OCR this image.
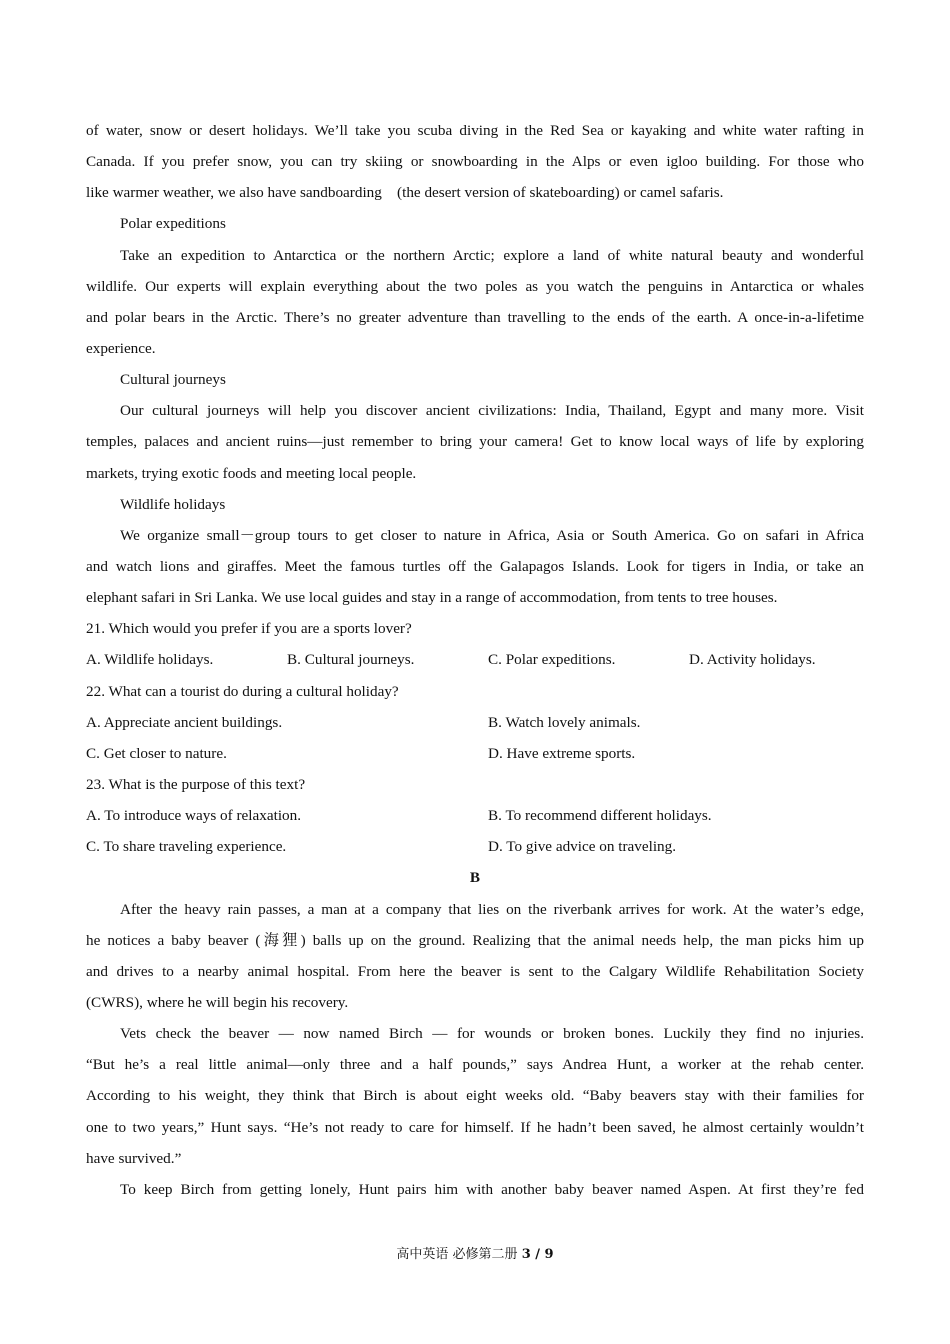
of water, snow or desert holidays. We’ll take you scuba diving in the Red Sea or kayaking and white water rafting in
Canada. If you prefer snow, you can try skiing or snowboarding in the Alps or even igloo building. For those who
like warmer weather, we also have sandboarding　(the desert version of skateboarding) or camel safaris.
Polar expeditions
Take an expedition to Antarctica or the northern Arctic; explore a land of white natural beauty and wonderful
wildlife. Our experts will explain everything about the two poles as you watch the penguins in Antarctica or whales
and polar bears in the Arctic. There’s no greater adventure than travelling to the ends of the earth. A once-in-a-lifetime
experience.
Cultural journeys
Our cultural journeys will help you discover ancient civilizations: India, Thailand, Egypt and many more. Visit
temples, palaces and ancient ruins—just remember to bring your camera! Get to know local ways of life by exploring
markets, trying exotic foods and meeting local people.
Wildlife holidays
We organize small－group tours to get closer to nature in Africa, Asia or South America. Go on safari in Africa
and watch lions and giraffes. Meet the famous turtles off the Galapagos Islands. Look for tigers in India, or take an
elephant safari in Sri Lanka. We use local guides and stay in a range of accommodation, from tents to tree houses.
21. Which would you prefer if you are a sports lover?
A. Wildlife holidays.	B. Cultural journeys.	C. Polar expeditions.	D. Activity holidays.
22. What can a tourist do during a cultural holiday?
A. Appreciate ancient buildings.	B. Watch lovely animals.
C. Get closer to nature.	D. Have extreme sports.
23. What is the purpose of this text?
A. To introduce ways of relaxation.	B. To recommend different holidays.
C. To share traveling experience.	D. To give advice on traveling.
B
After the heavy rain passes, a man at a company that lies on the riverbank arrives for work. At the water’s edge,
he notices a baby beaver (海狸) balls up on the ground. Realizing that the animal needs help, the man picks him up
and drives to a nearby animal hospital. From here the beaver is sent to the Calgary Wildlife Rehabilitation Society
(CWRS), where he will begin his recovery.
Vets check the beaver — now named Birch — for wounds or broken bones. Luckily they find no injuries.
“But he’s a real little animal—only three and a half pounds,” says Andrea Hunt, a worker at the rehab center.
According to his weight, they think that Birch is about eight weeks old. “Baby beavers stay with their families for
one to two years,” Hunt says. “He’s not ready to care for himself. If he hadn’t been saved, he almost certainly wouldn’t
have survived.”
To keep Birch from getting lonely, Hunt pairs him with another baby beaver named Aspen. At first they’re fed
高中英语 必修第二册 3 / 9
